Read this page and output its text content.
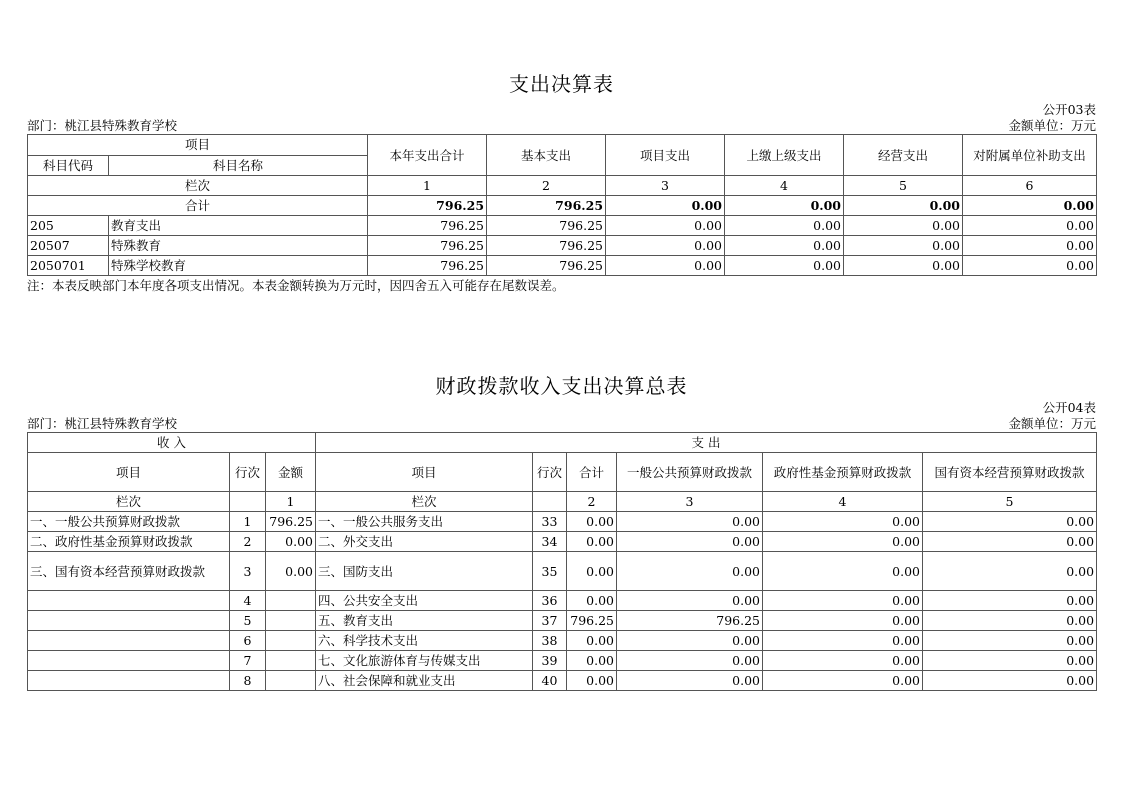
支出决算表
公开03表
部门：桃江县特殊教育学校	金额单位：万元
项目		本年支出合计	基本支出	项目支出	上缴上级支出	经营支出	对附属单位补助支出
科目代码	科目名称						
栏次		1	2	3	4	5	6
合计		796.25	796.25	0.00	0.00	0.00	0.00
205	教育支出	796.25	796.25	0.00	0.00	0.00	0.00
20507	特殊教育	796.25	796.25	0.00	0.00	0.00	0.00
2050701	特殊学校教育	796.25	796.25	0.00	0.00	0.00	0.00
注：本表反映部门本年度各项支出情况。本表金额转换为万元时，因四舍五入可能存在尾数误差。
财政拨款收入支出决算总表
公开04表
部门：桃江县特殊教育学校	金额单位：万元
收 入			支 出					
项目	行次	金额	项目	行次	合计	一般公共预算财政拨款	政府性基金预算财政拨款	国有资本经营预算财政拨款
栏次		1	栏次		2	3	4	5
一、一般公共预算财政拨款	1	796.25	一、一般公共服务支出	33	0.00	0.00	0.00	0.00
二、政府性基金预算财政拨款	2	0.00	二、外交支出	34	0.00	0.00	0.00	0.00
三、国有资本经营预算财政拨款	3	0.00	三、国防支出	35	0.00	0.00	0.00	0.00
	4		四、公共安全支出	36	0.00	0.00	0.00	0.00
	5		五、教育支出	37	796.25	796.25	0.00	0.00
	6		六、科学技术支出	38	0.00	0.00	0.00	0.00
	7		七、文化旅游体育与传媒支出	39	0.00	0.00	0.00	0.00
	8		八、社会保障和就业支出	40	0.00	0.00	0.00	0.00
